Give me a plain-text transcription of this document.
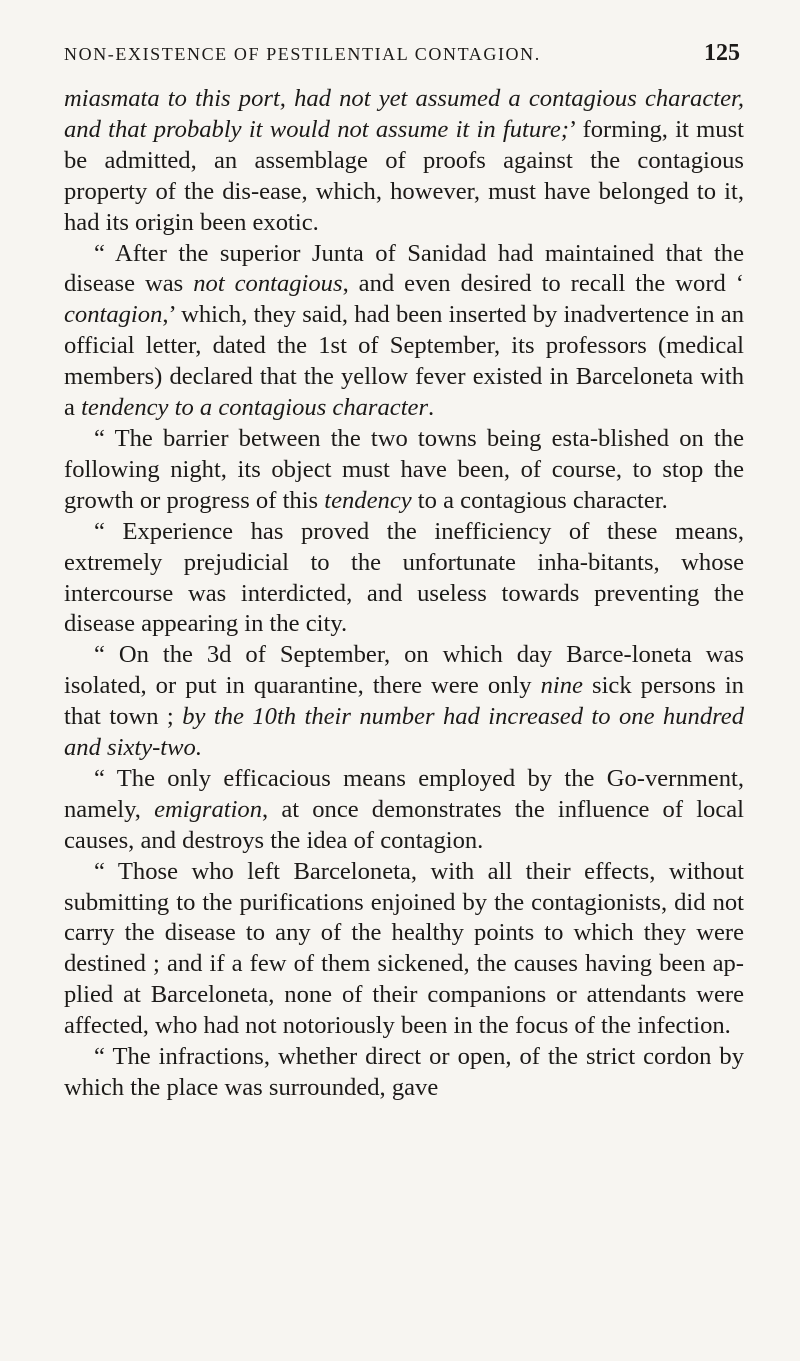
NON-EXISTENCE OF PESTILENTIAL CONTAGION.	125

miasmata to this port, had not yet assumed a contagious character, and that probably it would not assume it in future;’ forming, it must be admitted, an assemblage of proofs against the contagious property of the dis-ease, which, however, must have belonged to it, had its origin been exotic.

“ After the superior Junta of Sanidad had maintained that the disease was not contagious, and even desired to recall the word ‘ contagion,’ which, they said, had been inserted by inadvertence in an official letter, dated the 1st of September, its professors (medical members) declared that the yellow fever existed in Barceloneta with a tendency to a contagious character.

“ The barrier between the two towns being esta-blished on the following night, its object must have been, of course, to stop the growth or progress of this tendency to a contagious character.

“ Experience has proved the inefficiency of these means, extremely prejudicial to the unfortunate inha-bitants, whose intercourse was interdicted, and useless towards preventing the disease appearing in the city.

“ On the 3d of September, on which day Barce-loneta was isolated, or put in quarantine, there were only nine sick persons in that town ; by the 10th their number had increased to one hundred and sixty-two.

“ The only efficacious means employed by the Go-vernment, namely, emigration, at once demonstrates the influence of local causes, and destroys the idea of contagion.

“ Those who left Barceloneta, with all their effects, without submitting to the purifications enjoined by the contagionists, did not carry the disease to any of the healthy points to which they were destined ; and if a few of them sickened, the causes having been ap-plied at Barceloneta, none of their companions or attendants were affected, who had not notoriously been in the focus of the infection.

“ The infractions, whether direct or open, of the strict cordon by which the place was surrounded, gave
